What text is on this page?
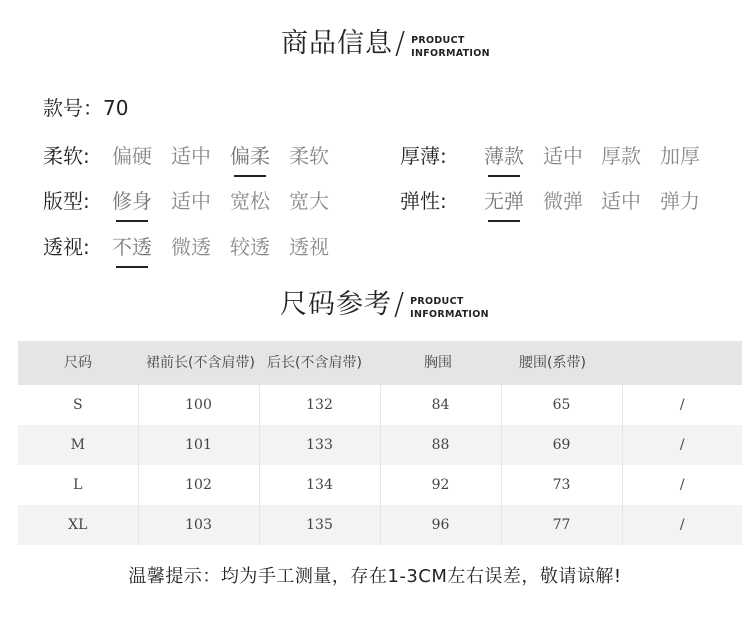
商品信息 / PRODUCT
INFORMATION
款号：70
柔软: 偏硬 适中 偏柔 柔软	厚薄: 薄款 适中 厚款 加厚
版型: 修身 适中 宽松 宽大	弹性: 无弹 微弹 适中 弹力
透视: 不透 微透 较透 透视
尺码参考 / PRODUCT
INFORMATION
尺码	裙前长(不含肩带)	后长(不含肩带)	胸围	腰围(系带)	
S	100	132	84	65	/
M	101	133	88	69	/
L	102	134	92	73	/
XL	103	135	96	77	/
温馨提示：均为手工测量，存在1-3CM左右误差，敬请谅解!
